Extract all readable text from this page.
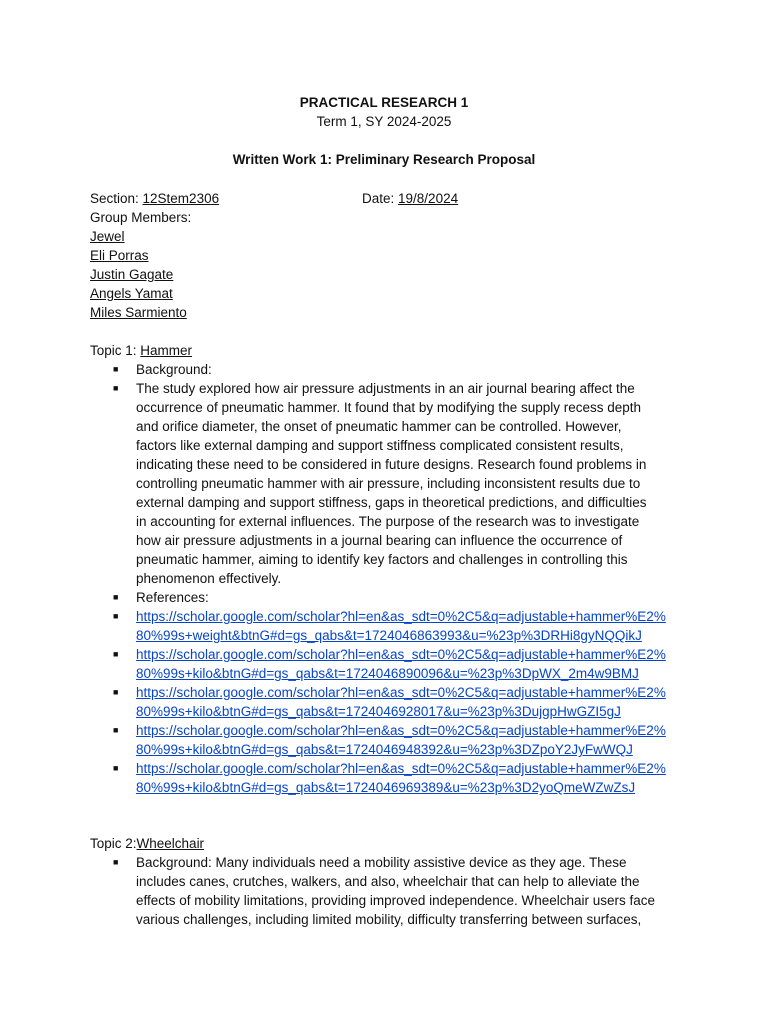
PRACTICAL RESEARCH 1
Term 1, SY 2024-2025
Written Work 1: Preliminary Research Proposal
Section: 12Stem2306	Date: 19/8/2024
Group Members:
Jewel
Eli Porras
Justin Gagate
Angels Yamat
Miles Sarmiento
Topic 1: Hammer
■ Background:
■ The study explored how air pressure adjustments in an air journal bearing affect the
occurrence of pneumatic hammer. It found that by modifying the supply recess depth
and orifice diameter, the onset of pneumatic hammer can be controlled. However,
factors like external damping and support stiffness complicated consistent results,
indicating these need to be considered in future designs. Research found problems in
controlling pneumatic hammer with air pressure, including inconsistent results due to
external damping and support stiffness, gaps in theoretical predictions, and difficulties
in accounting for external influences. The purpose of the research was to investigate
how air pressure adjustments in a journal bearing can influence the occurrence of
pneumatic hammer, aiming to identify key factors and challenges in controlling this
phenomenon effectively.
■ References:
■ https://scholar.google.com/scholar?hl=en&as_sdt=0%2C5&q=adjustable+hammer%E2%
80%99s+weight&btnG#d=gs_qabs&t=1724046863993&u=%23p%3DRHi8gyNQQikJ
■ https://scholar.google.com/scholar?hl=en&as_sdt=0%2C5&q=adjustable+hammer%E2%
80%99s+kilo&btnG#d=gs_qabs&t=1724046890096&u=%23p%3DpWX_2m4w9BMJ
■ https://scholar.google.com/scholar?hl=en&as_sdt=0%2C5&q=adjustable+hammer%E2%
80%99s+kilo&btnG#d=gs_qabs&t=1724046928017&u=%23p%3DujgpHwGZI5gJ
■ https://scholar.google.com/scholar?hl=en&as_sdt=0%2C5&q=adjustable+hammer%E2%
80%99s+kilo&btnG#d=gs_qabs&t=1724046948392&u=%23p%3DZpoY2JyFwWQJ
■ https://scholar.google.com/scholar?hl=en&as_sdt=0%2C5&q=adjustable+hammer%E2%
80%99s+kilo&btnG#d=gs_qabs&t=1724046969389&u=%23p%3D2yoQmeWZwZsJ
Topic 2:Wheelchair
■ Background: Many individuals need a mobility assistive device as they age. These
includes canes, crutches, walkers, and also, wheelchair that can help to alleviate the
effects of mobility limitations, providing improved independence. Wheelchair users face
various challenges, including limited mobility, difficulty transferring between surfaces,
